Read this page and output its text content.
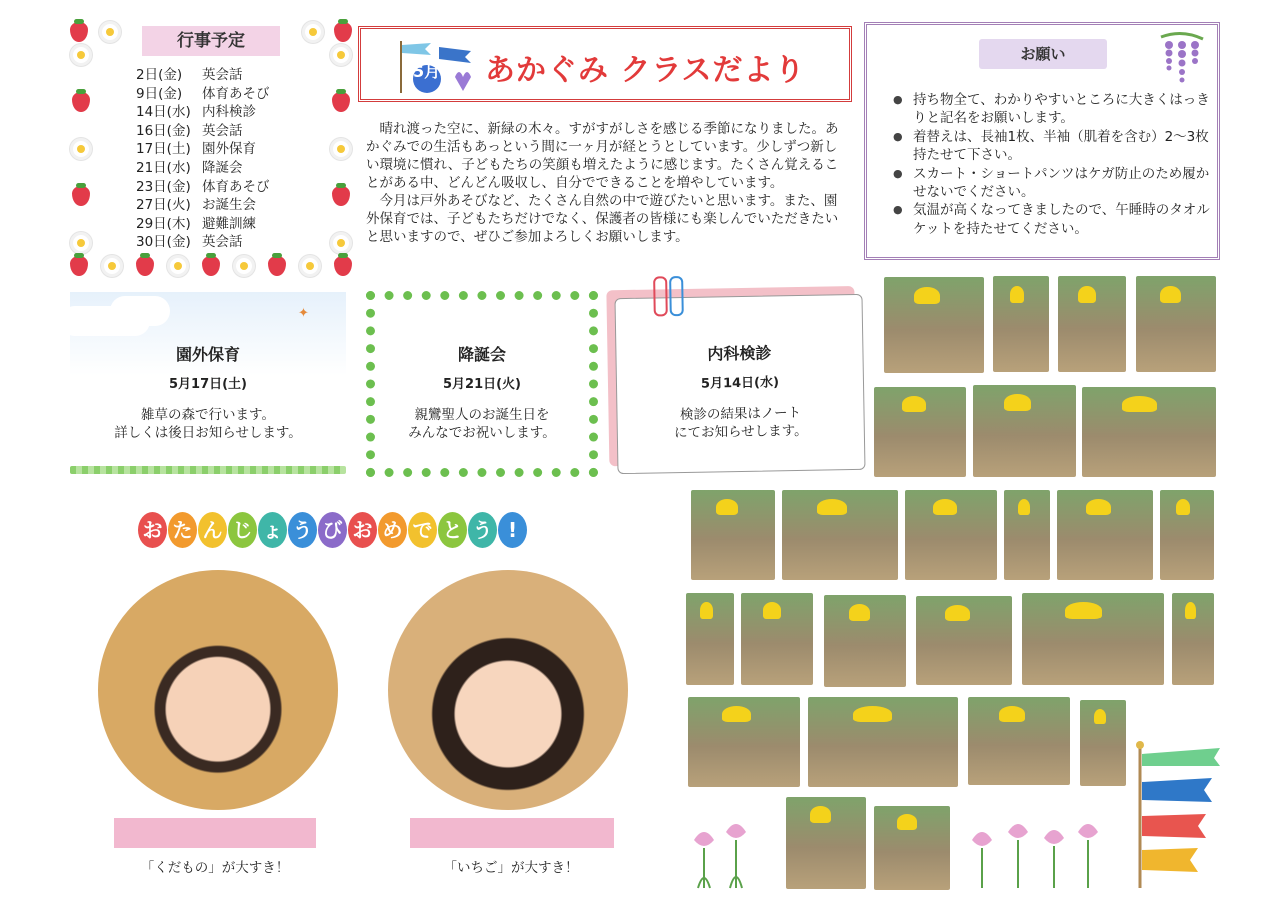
行事予定
2日(金) 英会話
9日(金) 体育あそび
14日(水) 内科検診
16日(金) 英会話
17日(土) 園外保育
21日(水) 降誕会
23日(金) 体育あそび
27日(火) お誕生会
29日(木) 避難訓練
30日(金) 英会話
5月 あかぐみ クラスだより
　晴れ渡った空に、新緑の木々。すがすがしさを感じる季節になりました。あかぐみでの生活もあっという間に一ヶ月が経とうとしています。少しずつ新しい環境に慣れ、子どもたちの笑顔も増えたように感じます。たくさん覚えることがある中、どんどん吸収し、自分でできることを増やしています。
　今月は戸外あそびなど、たくさん自然の中で遊びたいと思います。また、園外保育では、子どもたちだけでなく、保護者の皆様にも楽しんでいただきたいと思いますので、ぜひご参加よろしくお願いします。
お願い
● 持ち物全て、わかりやすいところに大きくはっきりと記名をお願いします。
● 着替えは、長袖1枚、半袖（肌着を含む）2～3枚持たせて下さい。
● スカート・ショートパンツはケガ防止のため履かせないでください。
● 気温が高くなってきましたので、午睡時のタオルケットを持たせてください。
✦
園外保育
5月17日(土)
雑草の森で行います。
詳しくは後日お知らせします。
降誕会
5月21日(火)
親鸞聖人のお誕生日を
みんなでお祝いします。
内科検診
5月14日(水)
検診の結果はノート
にてお知らせします。
お た ん じ ょ う び お め で と う !
「くだもの」が大すき！	「いちご」が大すき！
